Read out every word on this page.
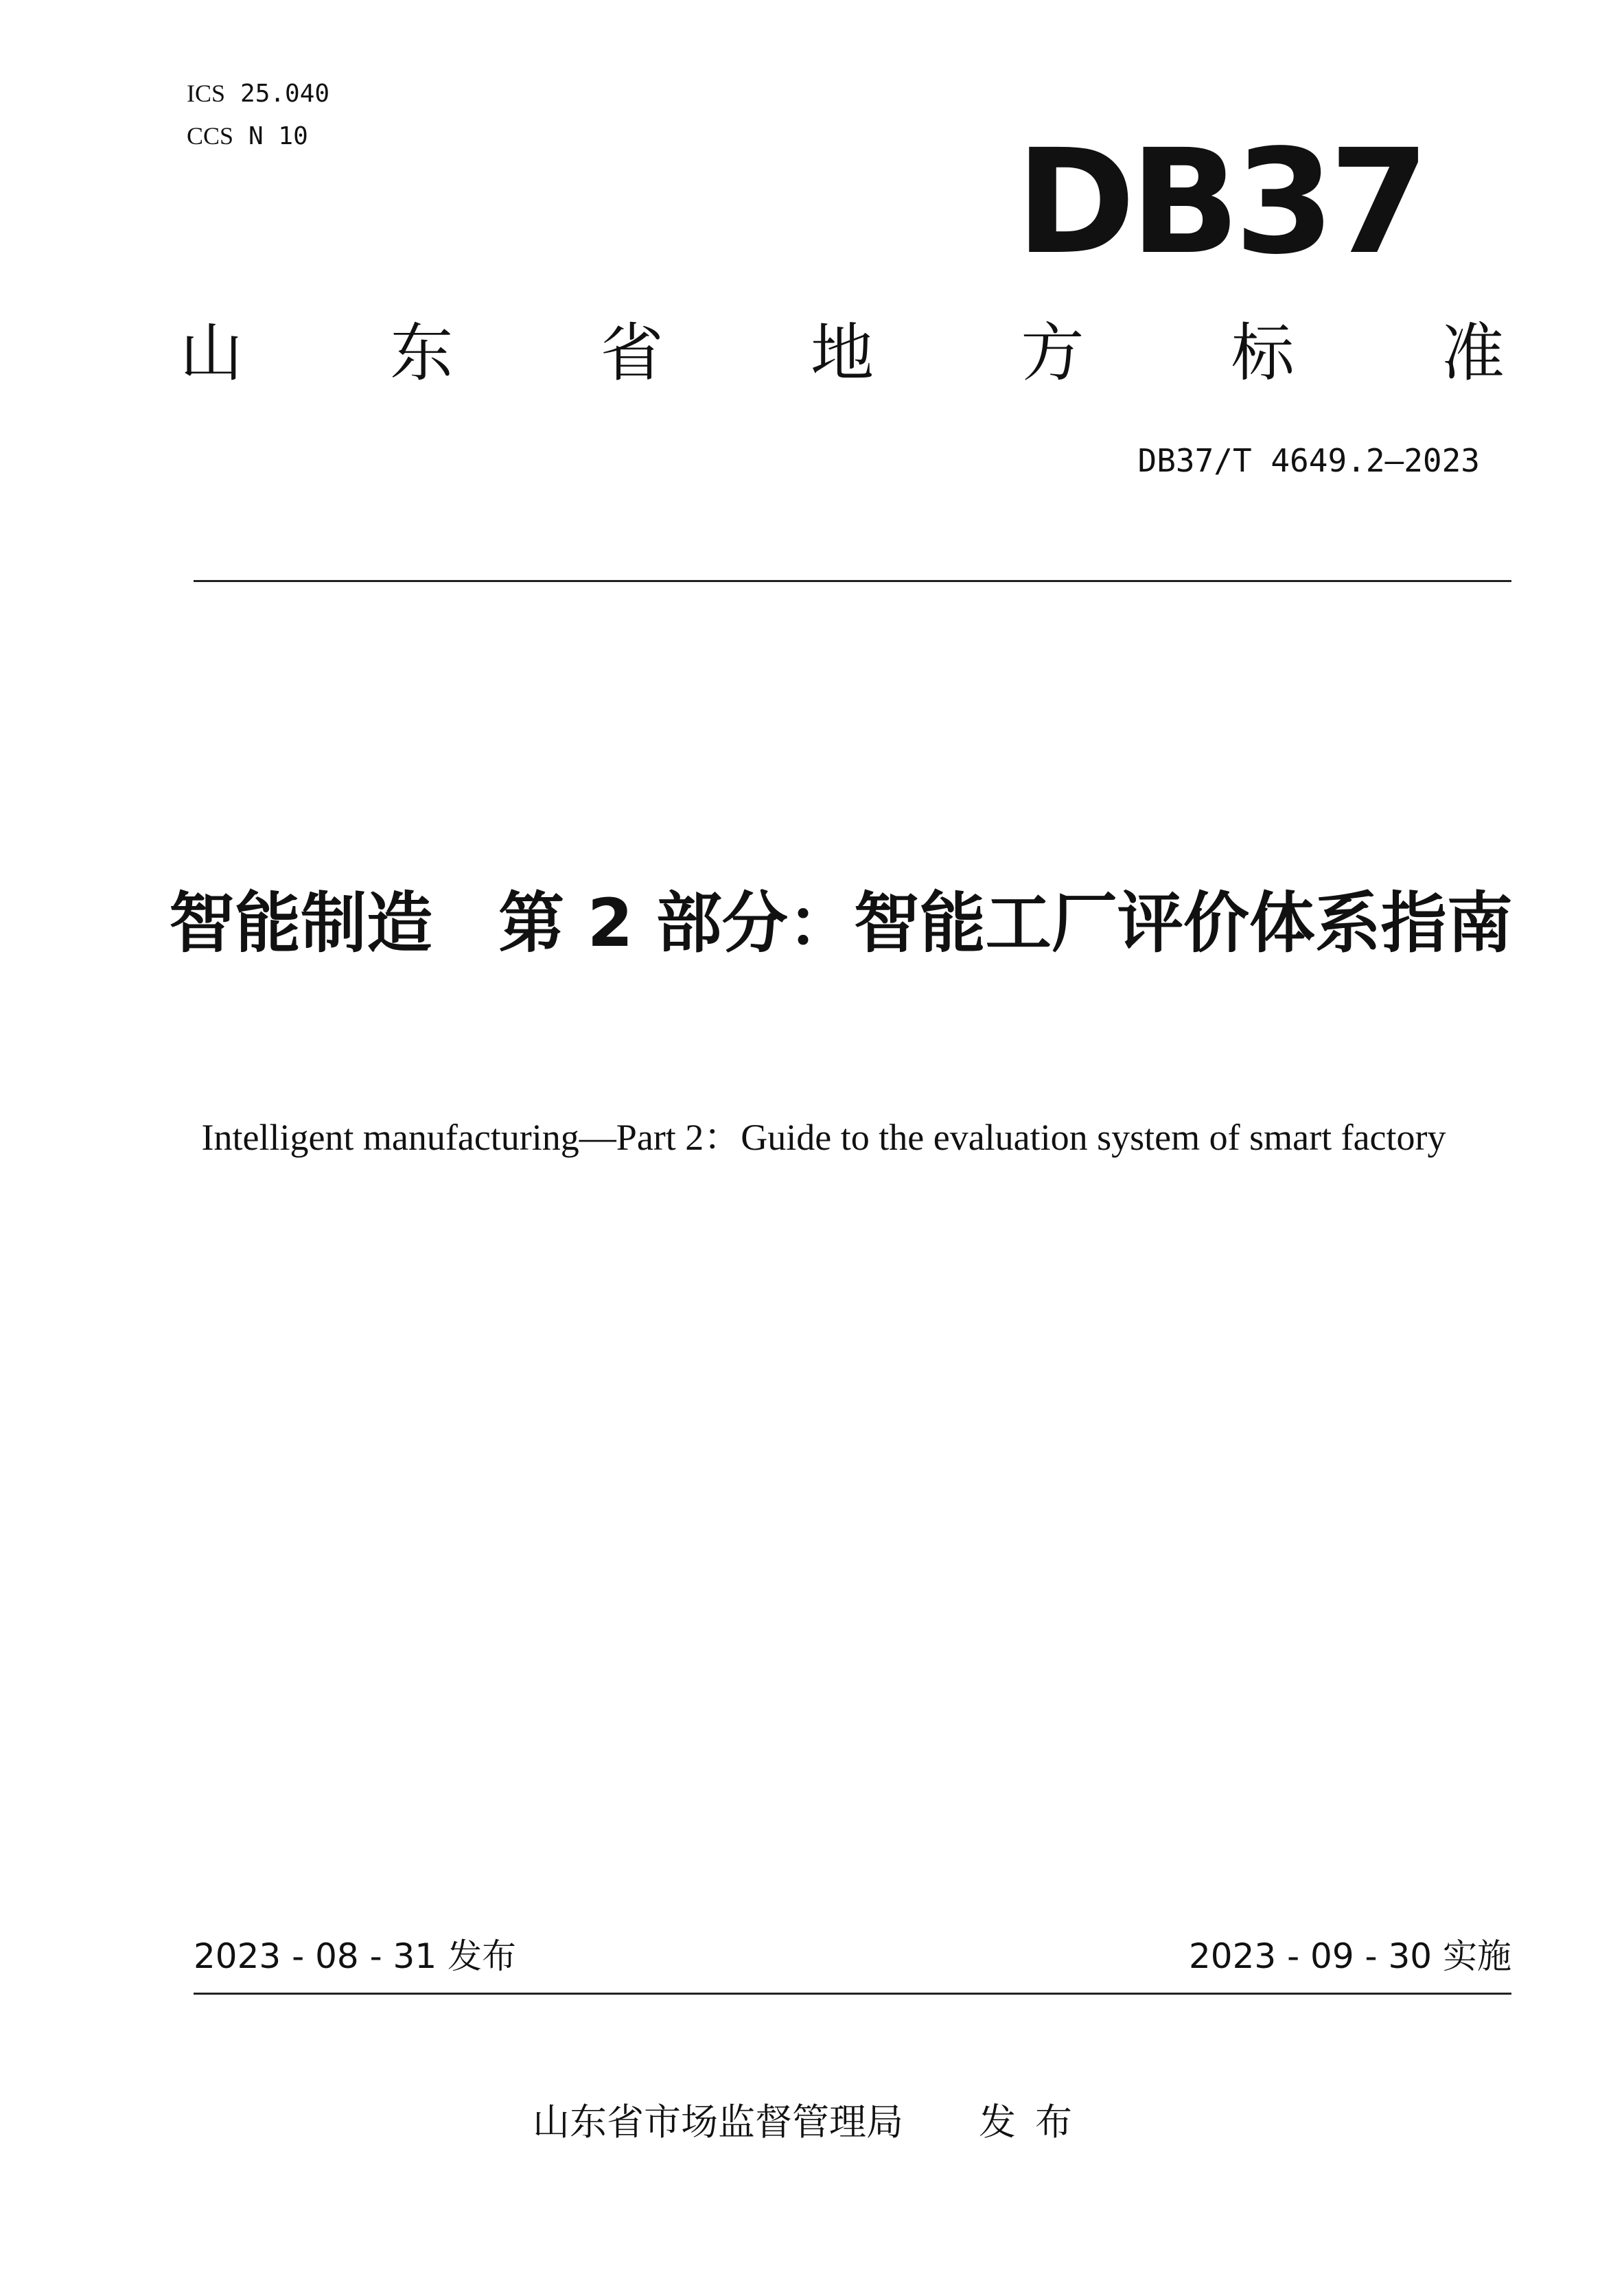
ICS 25.040
CCS N 10	DB37
山 东 省 地 方 标 准
DB37/T 4649.2—2023
智能制造　第 2 部分：智能工厂评价体系指南
Intelligent manufacturing—Part 2：Guide to the evaluation system of smart factory
2023 - 08 - 31 发布	2023 - 09 - 30 实施
山东省市场监督管理局 发布
